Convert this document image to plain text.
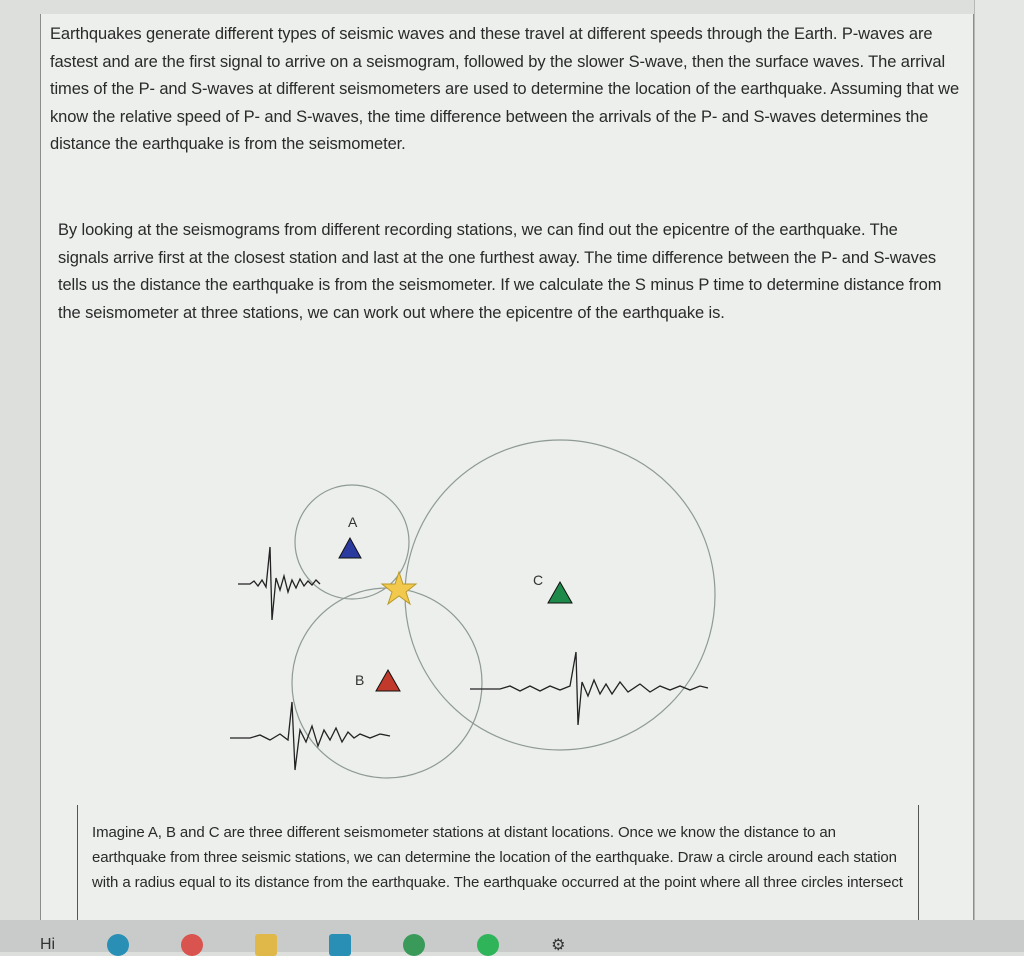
Earthquakes generate different types of seismic waves and these travel at different speeds through the Earth. P-waves are fastest and are the first signal to arrive on a seismogram, followed by the slower S-wave, then the surface waves. The arrival times of the P- and S-waves at different seismometers are used to determine the location of the earthquake. Assuming that we know the relative speed of P- and S-waves, the time difference between the arrivals of the P- and S-waves determines the distance the earthquake is from the seismometer.
By looking at the seismograms from different recording stations, we can find out the epicentre of the earthquake. The signals arrive first at the closest station and last at the one furthest away. The time difference between the P- and S-waves tells us the distance the earthquake is from the seismometer. If we calculate the S minus P time to determine distance from the seismometer at three stations, we can work out where the epicentre of the earthquake is.
A
C
B
Imagine A, B and C are three different seismometer stations at distant locations. Once we know the distance to an earthquake from three seismic stations, we can determine the location of the earthquake. Draw a circle around each station with a radius equal to its distance from the earthquake. The earthquake occurred at the point where all three circles intersect
Hi	⚙
